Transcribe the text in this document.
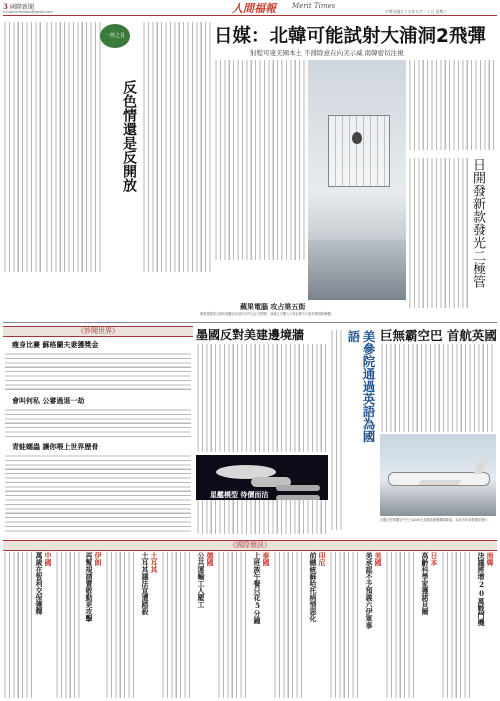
3 國際新聞
e-mail:mmnews@gmail.com	人間福報 Merit Times
中華民國九十五年五月二十日 星期六
一得之見
反色情還是反開放
日媒：北韓可能試射大浦洞2飛彈
射程可達美國本土 不排除意在向美示威 南韓密切注視
蘋果電腦 攻占第五街
蘋果電腦第五街的旗艦店在紐約市中心正式開幕，玻璃立方體入口設計吸引大批民眾排隊參觀。
日開發新款發光二極管
《妙聞世界》
瘦身比賽 蘇格蘭夫妻獲獎金
會叫何私 公審過退一劫
青蛙蠕蟲 讓你喂上世界歷骨
墨國反對美建邊境牆
星艦模型 待價而沽
美參院通過英語為國語	巨無霸空巴 首航英國
法國巨型客機空中巴士A380在英國希斯羅機場降落，為其首次商業測試飛行。
《國際簡訊》
南韓
決議將增20萬戰鬥機
日本
高齡科學家獲諾貝爾
美國
美承認不予預義六伊軍事
印尼
前總統蘇哈托病情惡化
泰國
上班族午餐只花5分鐘
德國
公共運輸工人罷工
土耳其
土耳其議法宣遭踏殺
伊朗
再幫規請賣敬動更攻擊
中國
萬歲在智利交保獲釋
